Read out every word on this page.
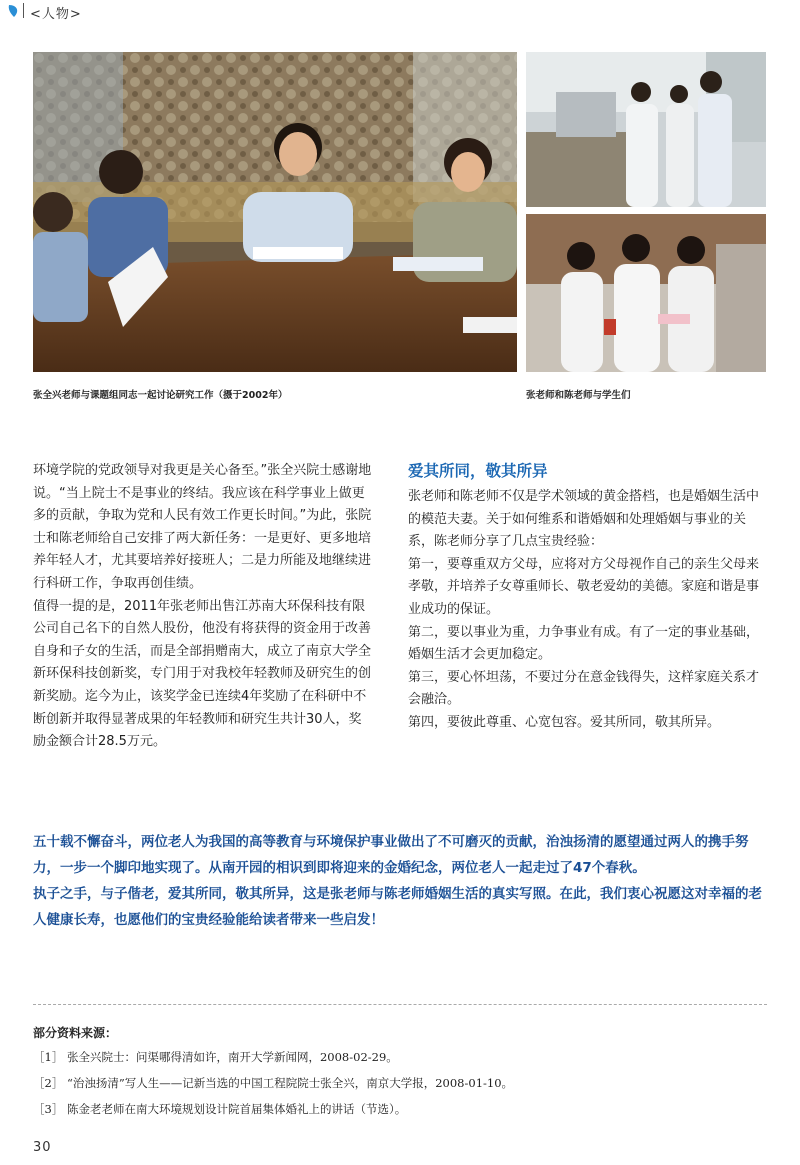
<人物>
张全兴老师与课题组同志一起讨论研究工作（摄于2002年）	张老师和陈老师与学生们

环境学院的党政领导对我更是关心备至。”张全兴院士感谢地说。“当上院士不是事业的终结。我应该在科学事业上做更多的贡献，争取为党和人民有效工作更长时间。”为此，张院士和陈老师给自己安排了两大新任务：一是更好、更多地培养年轻人才，尤其要培养好接班人；二是力所能及地继续进行科研工作，争取再创佳绩。

值得一提的是，2011年张老师出售江苏南大环保科技有限公司自己名下的自然人股份，他没有将获得的资金用于改善自身和子女的生活，而是全部捐赠南大，成立了南京大学全新环保科技创新奖，专门用于对我校年轻教师及研究生的创新奖励。迄今为止，该奖学金已连续4年奖励了在科研中不断创新并取得显著成果的年轻教师和研究生共计30人，奖励金额合计28.5万元。

爱其所同，敬其所异

张老师和陈老师不仅是学术领域的黄金搭档，也是婚姻生活中的模范夫妻。关于如何维系和谐婚姻和处理婚姻与事业的关系，陈老师分享了几点宝贵经验：

第一，要尊重双方父母，应将对方父母视作自己的亲生父母来孝敬，并培养子女尊重师长、敬老爱幼的美德。家庭和谐是事业成功的保证。

第二，要以事业为重，力争事业有成。有了一定的事业基础，婚姻生活才会更加稳定。

第三，要心怀坦荡，不要过分在意金钱得失，这样家庭关系才会融洽。

第四，要彼此尊重、心宽包容。爱其所同，敬其所异。

五十载不懈奋斗，两位老人为我国的高等教育与环境保护事业做出了不可磨灭的贡献，治浊扬清的愿望通过两人的携手努力，一步一个脚印地实现了。从南开园的相识到即将迎来的金婚纪念，两位老人一起走过了47个春秋。

执子之手，与子偕老，爱其所同，敬其所异，这是张老师与陈老师婚姻生活的真实写照。在此，我们衷心祝愿这对幸福的老人健康长寿，也愿他们的宝贵经验能给读者带来一些启发！

部分资料来源：
［1］ 张全兴院士：问渠哪得清如许，南开大学新闻网，2008-02-29。
［2］ “治浊扬清”写人生——记新当选的中国工程院院士张全兴，南京大学报，2008-01-10。
［3］ 陈金老老师在南大环境规划设计院首届集体婚礼上的讲话（节选）。
30
